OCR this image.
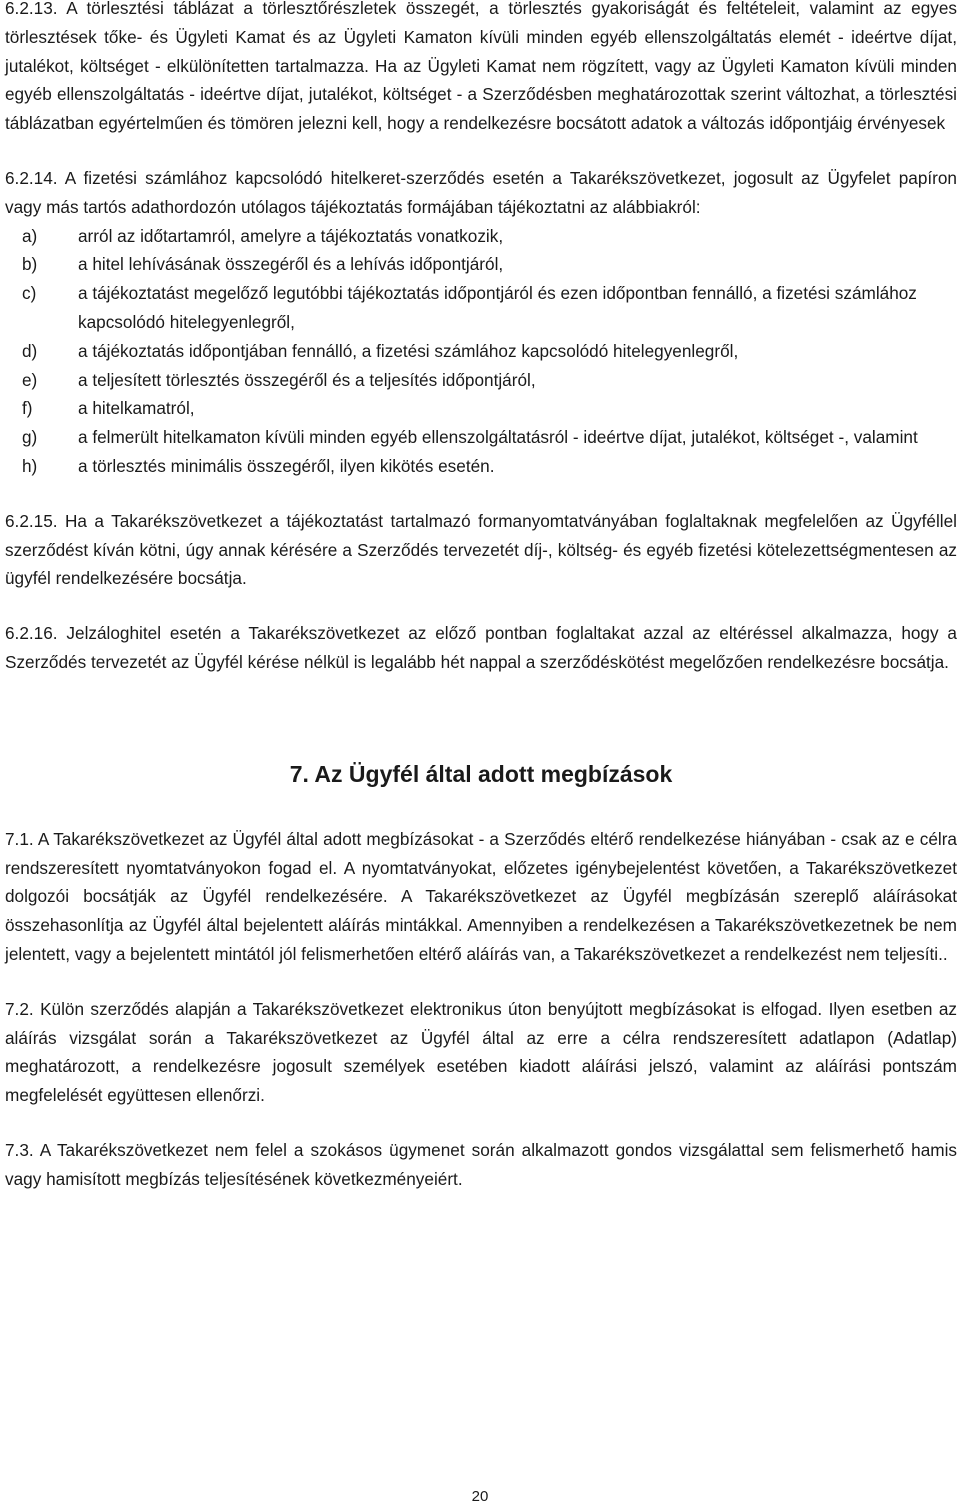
6.2.13. A törlesztési táblázat a törlesztőrészletek összegét, a törlesztés gyakoriságát és feltételeit, valamint az egyes törlesztések tőke- és Ügyleti Kamat és az Ügyleti Kamaton kívüli minden egyéb ellenszolgáltatás elemét - ideértve díjat, jutalékot, költséget - elkülönítetten tartalmazza. Ha az Ügyleti Kamat nem rögzített, vagy az Ügyleti Kamaton kívüli minden egyéb ellenszolgáltatás - ideértve díjat, jutalékot, költséget - a Szerződésben meghatározottak szerint változhat, a törlesztési táblázatban egyértelműen és tömören jelezni kell, hogy a rendelkezésre bocsátott adatok a változás időpontjáig érvényesek

6.2.14. A fizetési számlához kapcsolódó hitelkeret-szerződés esetén a Takarékszövetkezet, jogosult az Ügyfelet papíron vagy más tartós adathordozón utólagos tájékoztatás formájában tájékoztatni az alábbiakról:

a) arról az időtartamról, amelyre a tájékoztatás vonatkozik,
b) a hitel lehívásának összegéről és a lehívás időpontjáról,
c) a tájékoztatást megelőző legutóbbi tájékoztatás időpontjáról és ezen időpontban fennálló, a fizetési számlához kapcsolódó hitelegyenlegről,
d) a tájékoztatás időpontjában fennálló, a fizetési számlához kapcsolódó hitelegyenlegről,
e) a teljesített törlesztés összegéről és a teljesítés időpontjáról,
f)	a hitelkamatról,
g) a felmerült hitelkamaton kívüli minden egyéb ellenszolgáltatásról - ideértve díjat, jutalékot, költséget -, valamint
h) a törlesztés minimális összegéről, ilyen kikötés esetén.

6.2.15. Ha a Takarékszövetkezet a tájékoztatást tartalmazó formanyomtatványában foglaltaknak megfelelően az Ügyféllel szerződést kíván kötni, úgy annak kérésére a Szerződés tervezetét díj-, költség- és egyéb fizetési kötelezettségmentesen az ügyfél rendelkezésére bocsátja.

6.2.16. Jelzáloghitel esetén a Takarékszövetkezet az előző pontban foglaltakat azzal az eltéréssel alkalmazza, hogy a Szerződés tervezetét az Ügyfél kérése nélkül is legalább hét nappal a szerződéskötést megelőzően rendelkezésre bocsátja.

7. Az Ügyfél által adott megbízások

7.1. A Takarékszövetkezet az Ügyfél által adott megbízásokat - a Szerződés eltérő rendelkezése hiányában - csak az e célra rendszeresített nyomtatványokon fogad el. A nyomtatványokat, előzetes igénybejelentést követően, a Takarékszövetkezet dolgozói bocsátják az Ügyfél rendelkezésére. A Takarékszövetkezet az Ügyfél megbízásán szereplő aláírásokat összehasonlítja az Ügyfél által bejelentett aláírás mintákkal. Amennyiben a rendelkezésen a Takarékszövetkezetnek be nem jelentett, vagy a bejelentett mintától jól felismerhetően eltérő aláírás van, a Takarékszövetkezet a rendelkezést nem teljesíti..

7.2. Külön szerződés alapján a Takarékszövetkezet elektronikus úton benyújtott megbízásokat is elfogad. Ilyen esetben az aláírás vizsgálat során a Takarékszövetkezet az Ügyfél által az erre a célra rendszeresített adatlapon (Adatlap) meghatározott, a rendelkezésre jogosult személyek esetében kiadott aláírási jelszó, valamint az aláírási pontszám megfelelését együttesen ellenőrzi.

7.3. A Takarékszövetkezet nem felel a szokásos ügymenet során alkalmazott gondos vizsgálattal sem felismerhető hamis vagy hamisított megbízás teljesítésének következményeiért.

20
